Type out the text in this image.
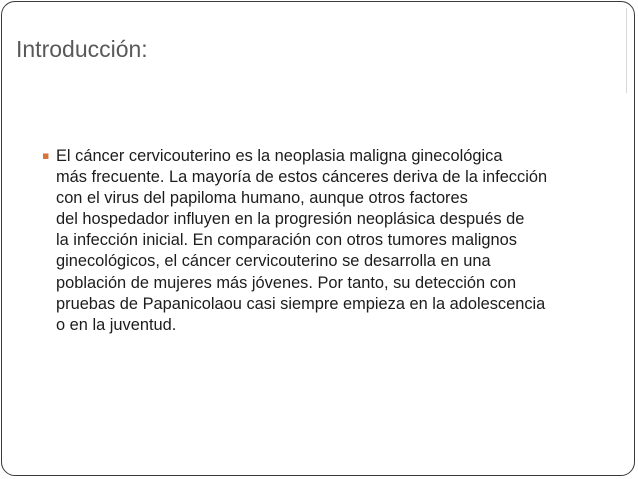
Introducción:
▪ El cáncer cervicouterino es la neoplasia maligna ginecológica
más frecuente. La mayoría de estos cánceres deriva de la infección
con el virus del papiloma humano, aunque otros factores
del hospedador influyen en la progresión neoplásica después de
la infección inicial. En comparación con otros tumores malignos
ginecológicos, el cáncer cervicouterino se desarrolla en una
población de mujeres más jóvenes. Por tanto, su detección con
pruebas de Papanicolaou casi siempre empieza en la adolescencia
o en la juventud.
